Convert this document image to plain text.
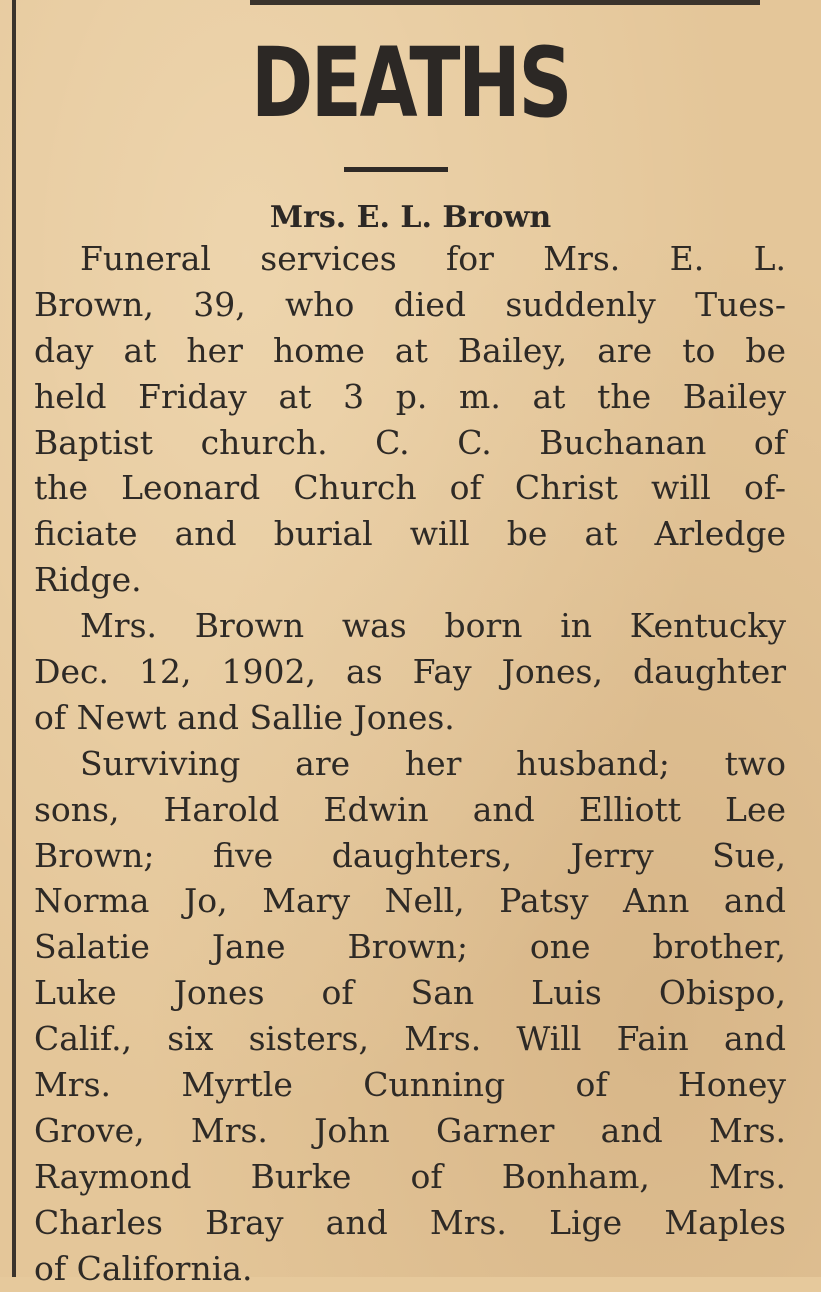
DEATHS
Mrs. E. L. Brown
Funeral services for Mrs. E. L.
Brown, 39, who died suddenly Tues-
day at her home at Bailey, are to be
held Friday at 3 p. m. at the Bailey
Baptist church. C. C. Buchanan of
the Leonard Church of Christ will of-
ficiate and burial will be at Arledge
Ridge.
Mrs. Brown was born in Kentucky
Dec. 12, 1902, as Fay Jones, daughter
of Newt and Sallie Jones.
Surviving are her husband; two
sons, Harold Edwin and Elliott Lee
Brown; five daughters, Jerry Sue,
Norma Jo, Mary Nell, Patsy Ann and
Salatie Jane Brown; one brother,
Luke Jones of San Luis Obispo,
Calif., six sisters, Mrs. Will Fain and
Mrs. Myrtle Cunning of Honey
Grove, Mrs. John Garner and Mrs.
Raymond Burke of Bonham, Mrs.
Charles Bray and Mrs. Lige Maples
of California.
